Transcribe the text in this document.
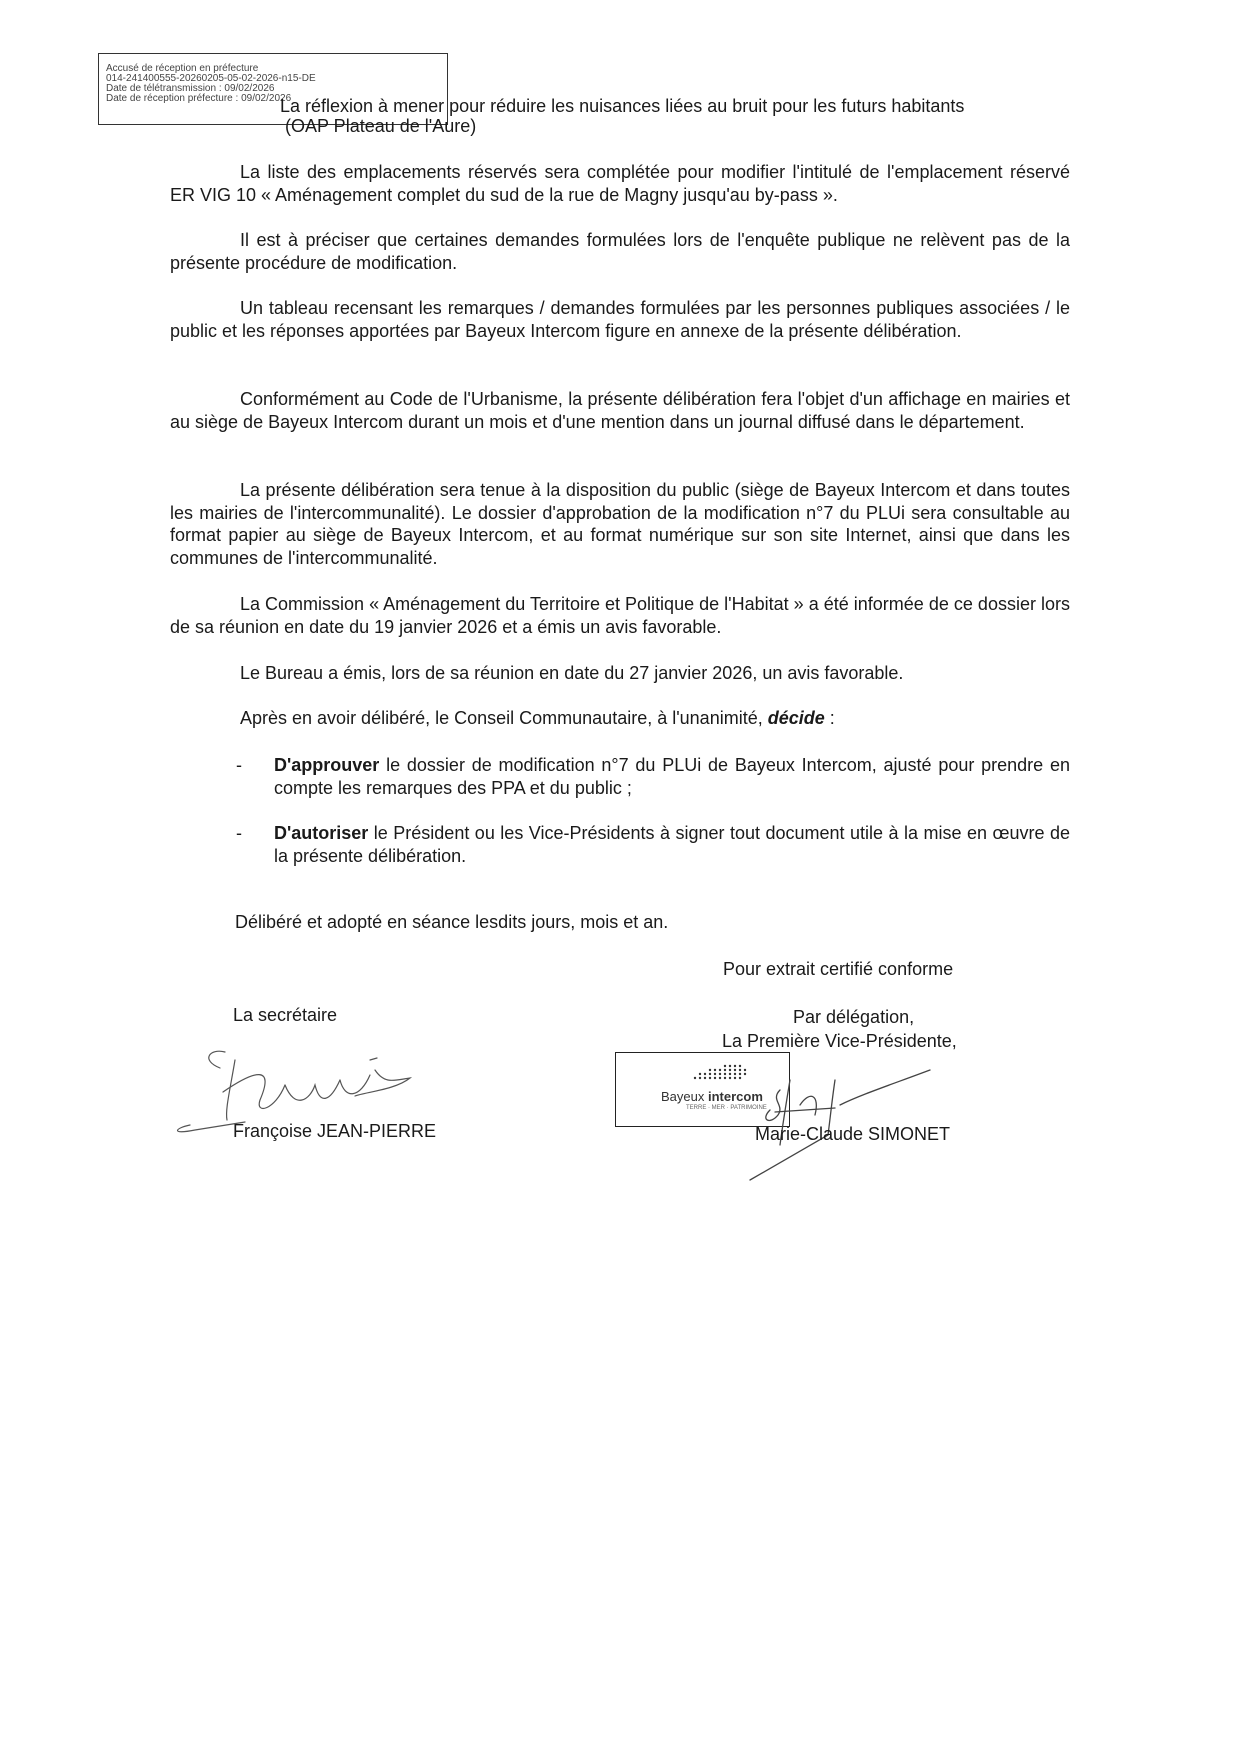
Accusé de réception en préfecture
014-241400555-20260205-05-02-2026-n15-DE
Date de télétransmission : 09/02/2026
Date de réception préfecture : 09/02/2026
La réflexion à mener pour réduire les nuisances liées au bruit pour les futurs habitants
(OAP Plateau de l'Aure)
La liste des emplacements réservés sera complétée pour modifier l'intitulé de l'emplacement réservé ER VIG 10 « Aménagement complet du sud de la rue de Magny jusqu'au by-pass ».
Il est à préciser que certaines demandes formulées lors de l'enquête publique ne relèvent pas de la présente procédure de modification.
Un tableau recensant les remarques / demandes formulées par les personnes publiques associées / le public et les réponses apportées par Bayeux Intercom figure en annexe de la présente délibération.
Conformément au Code de l'Urbanisme, la présente délibération fera l'objet d'un affichage en mairies et au siège de Bayeux Intercom durant un mois et d'une mention dans un journal diffusé dans le département.
La présente délibération sera tenue à la disposition du public (siège de Bayeux Intercom et dans toutes les mairies de l'intercommunalité). Le dossier d'approbation de la modification n°7 du PLUi sera consultable au format papier au siège de Bayeux Intercom, et au format numérique sur son site Internet, ainsi que dans les communes de l'intercommunalité.
La Commission « Aménagement du Territoire et Politique de l'Habitat » a été informée de ce dossier lors de sa réunion en date du 19 janvier 2026 et a émis un avis favorable.
Le Bureau a émis, lors de sa réunion en date du 27 janvier 2026, un avis favorable.
Après en avoir délibéré, le Conseil Communautaire, à l'unanimité, décide :
- D'approuver le dossier de modification n°7 du PLUi de Bayeux Intercom, ajusté pour prendre en compte les remarques des PPA et du public ;
- D'autoriser le Président ou les Vice-Présidents à signer tout document utile à la mise en œuvre de la présente délibération.
Délibéré et adopté en séance lesdits jours, mois et an.
Pour extrait certifié conforme
La secrétaire
Françoise JEAN-PIERRE
Par délégation,
La Première Vice-Présidente,
Bayeux intercom
TERRE · MER · PATRIMOINE
Marie-Claude SIMONET
